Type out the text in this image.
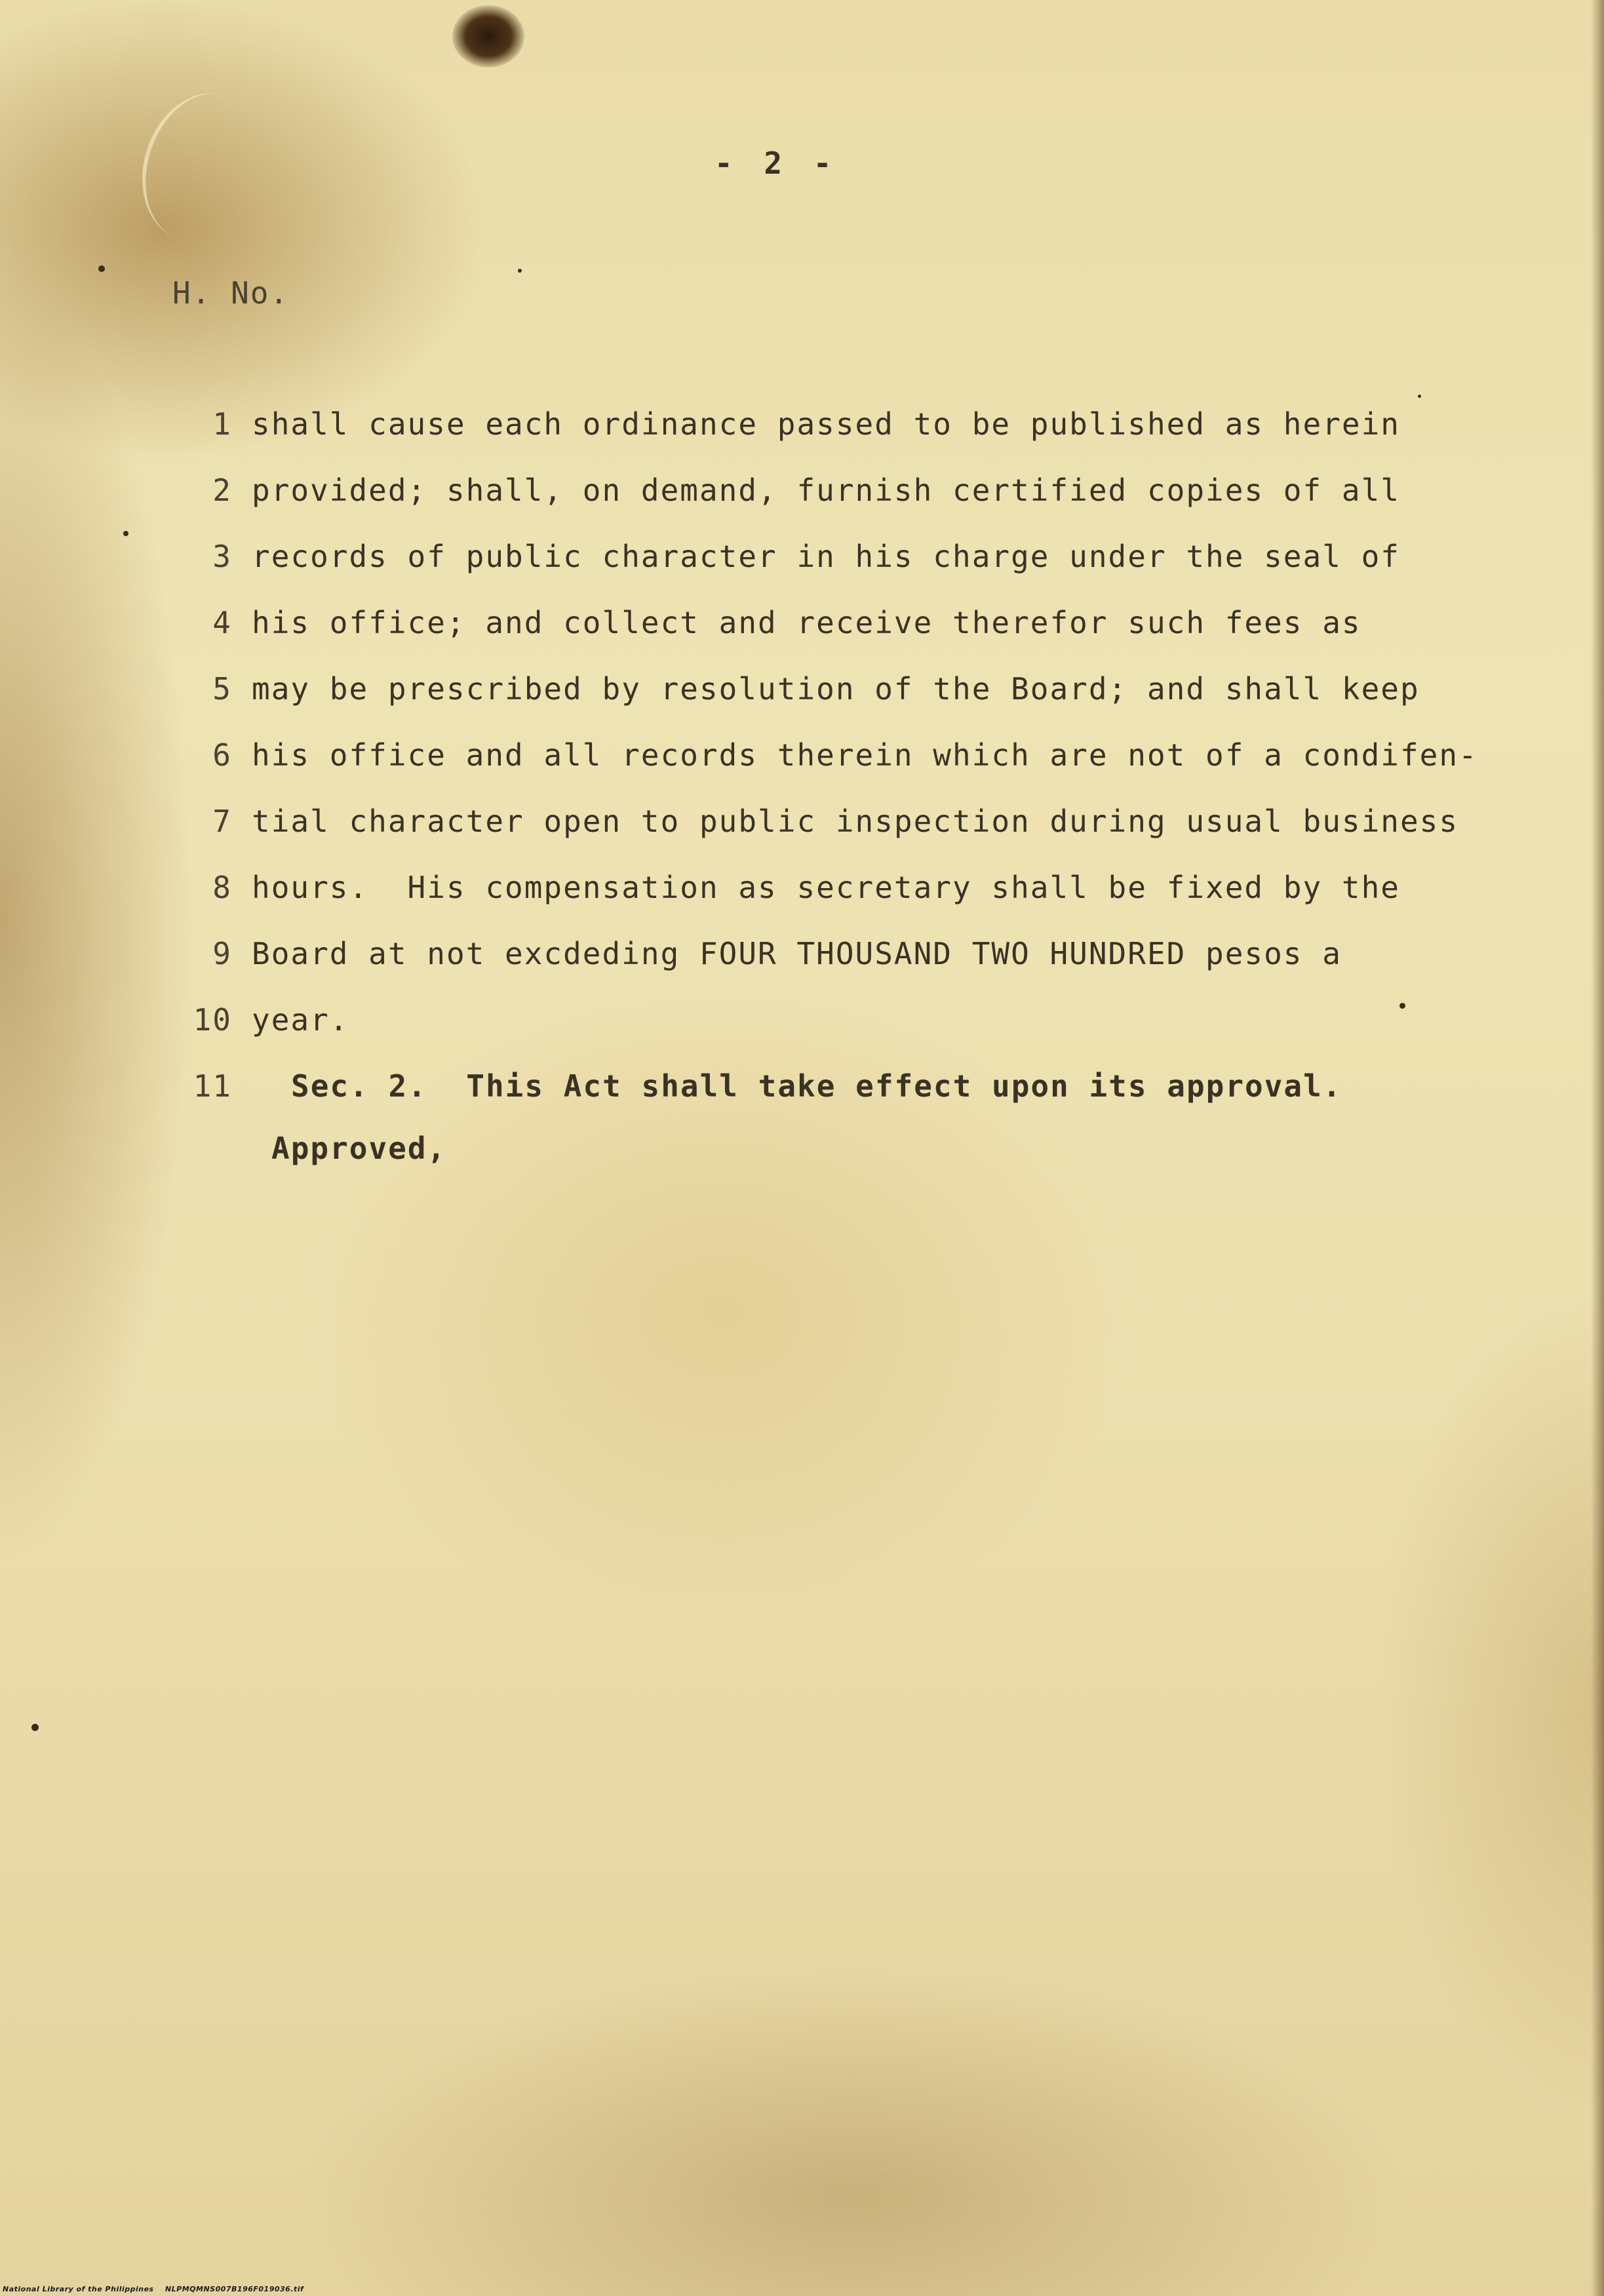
- 2 -
H. No.
1 shall cause each ordinance passed to be published as herein
2 provided; shall, on demand, furnish certified copies of all
3 records of public character in his charge under the seal of
4 his office; and collect and receive therefor such fees as
5 may be prescribed by resolution of the Board; and shall keep
6 his office and all records therein which are not of a condifen-
7 tial character open to public inspection during usual business
8 hours.  His compensation as secretary shall be fixed by the
9 Board at not excdeding FOUR THOUSAND TWO HUNDRED pesos a
10 year.
11 Sec. 2.  This Act shall take effect upon its approval.
Approved,
National Library of the Philippines    NLPMQMNS007B196F019036.tif
